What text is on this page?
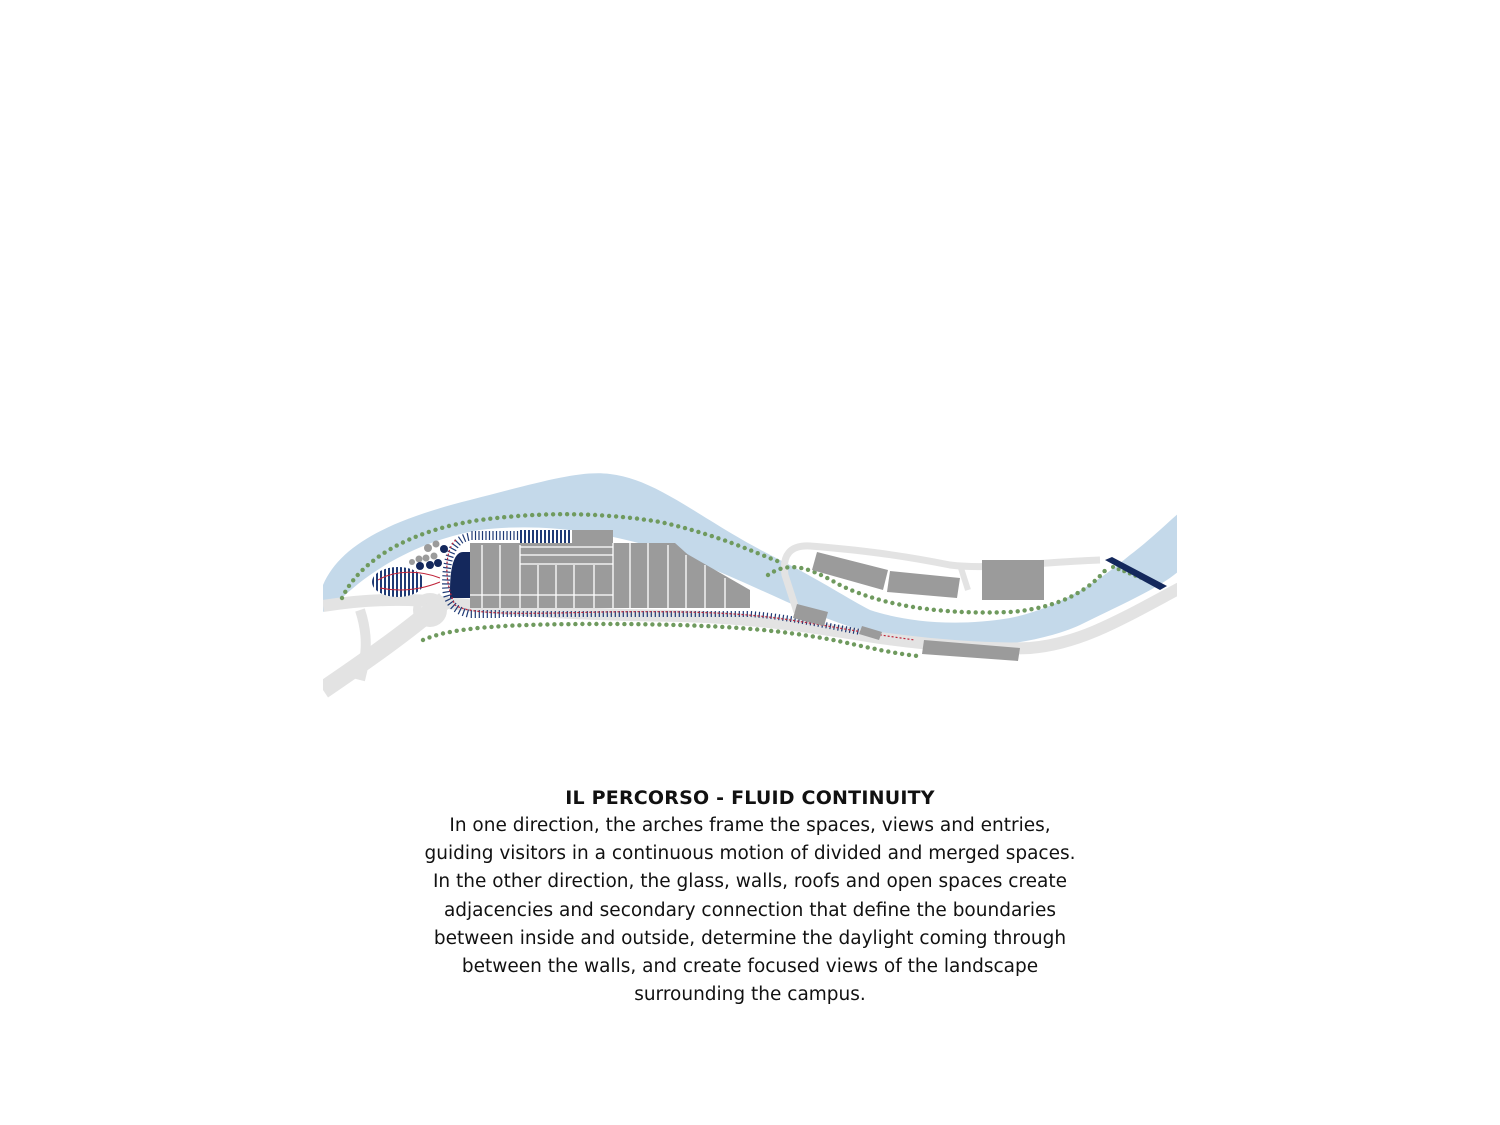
IL PERCORSO - FLUID CONTINUITY
In one direction, the arches frame the spaces, views and entries,
guiding visitors in a continuous motion of divided and merged spaces.
In the other direction, the glass, walls, roofs and open spaces create
adjacencies and secondary connection that define the boundaries
between inside and outside, determine the daylight coming through
between the walls, and create focused views of the landscape
surrounding the campus.
